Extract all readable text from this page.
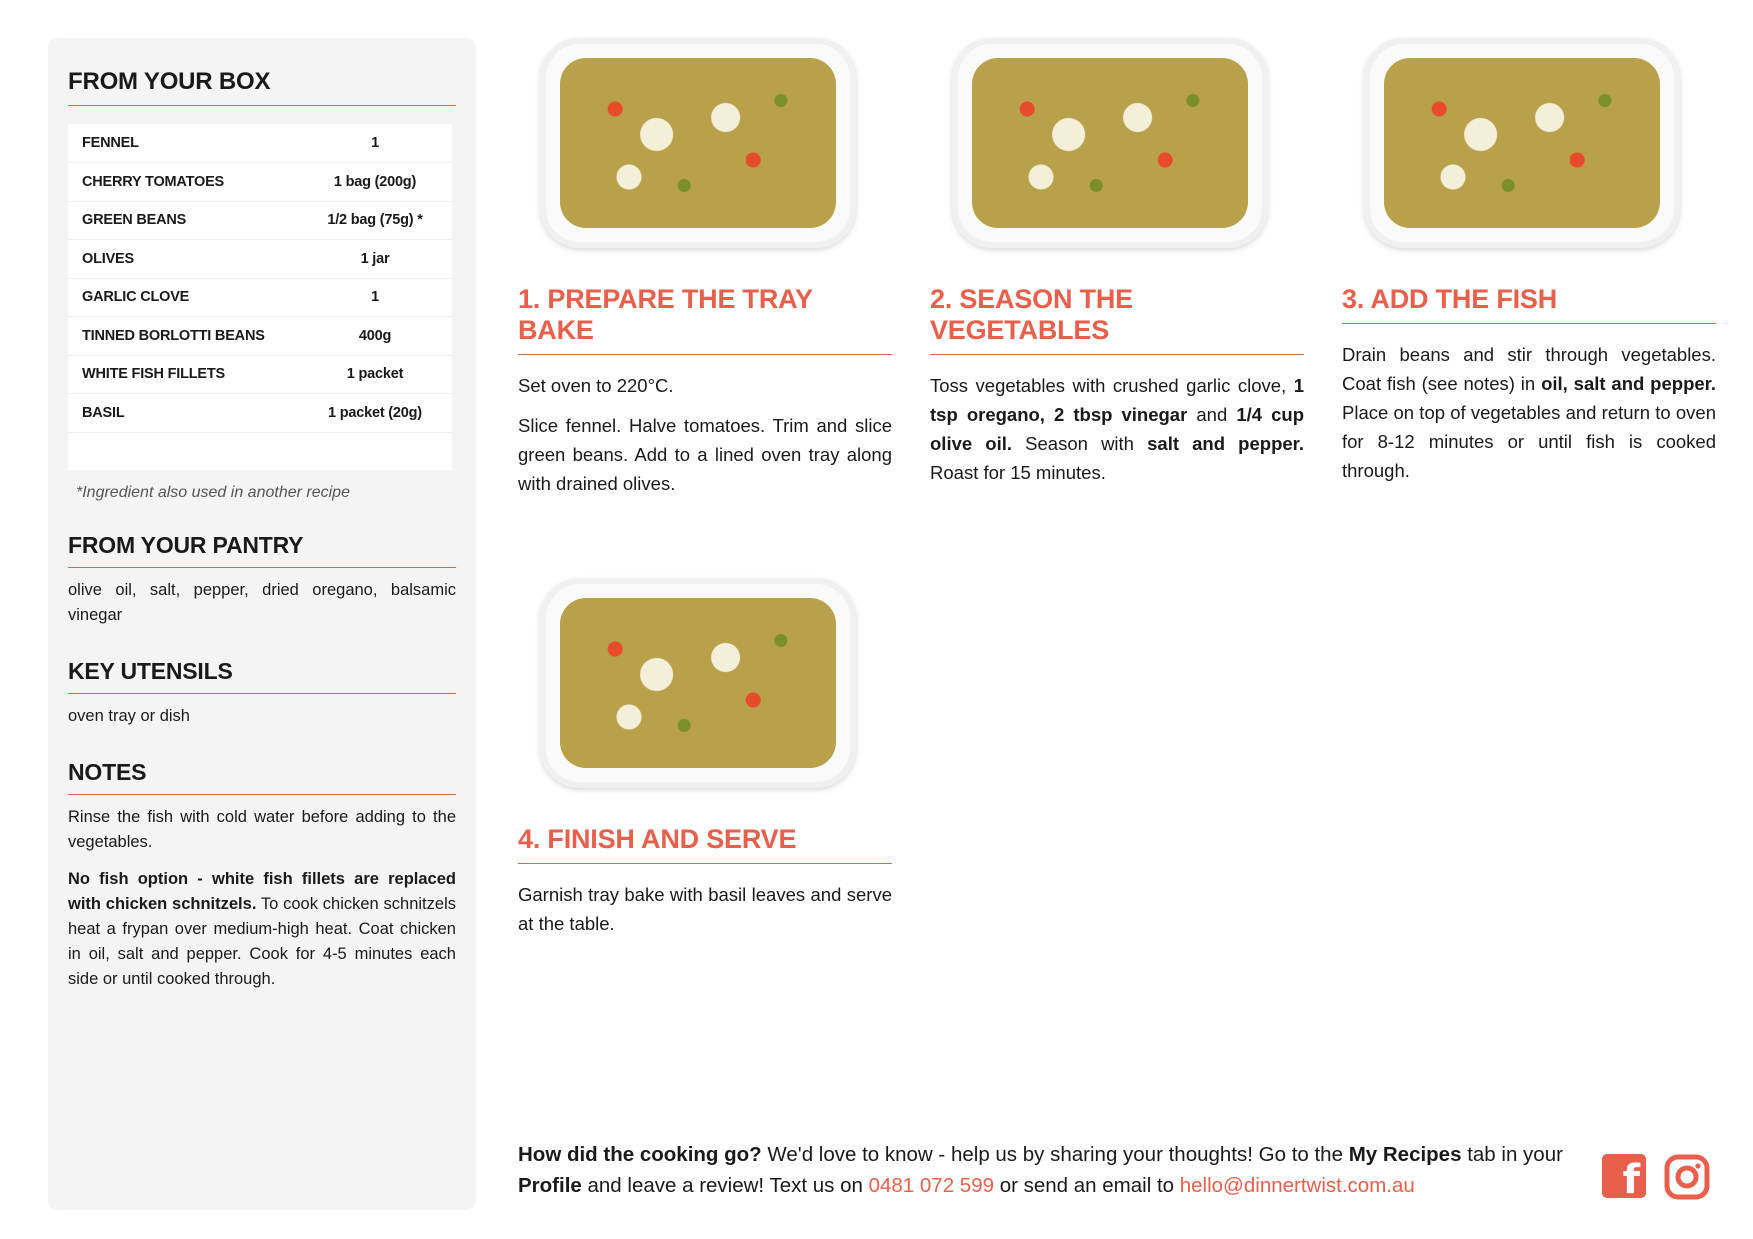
FROM YOUR BOX
FENNEL	1
CHERRY TOMATOES	1 bag (200g)
GREEN BEANS	1/2 bag (75g) *
OLIVES	1 jar
GARLIC CLOVE	1
TINNED BORLOTTI BEANS	400g
WHITE FISH FILLETS	1 packet
BASIL	1 packet (20g)

*Ingredient also used in another recipe
FROM YOUR PANTRY
olive oil, salt, pepper, dried oregano, balsamic vinegar
KEY UTENSILS
oven tray or dish
NOTES
Rinse the fish with cold water before adding to the vegetables.
No fish option - white fish fillets are replaced with chicken schnitzels. To cook chicken schnitzels heat a frypan over medium-high heat. Coat chicken in oil, salt and pepper. Cook for 4-5 minutes each side or until cooked through.
1. PREPARE THE TRAY BAKE

Set oven to 220°C.

Slice fennel. Halve tomatoes. Trim and slice green beans. Add to a lined oven tray along with drained olives.

2. SEASON THE VEGETABLES

Toss vegetables with crushed garlic clove, 1 tsp oregano, 2 tbsp vinegar and 1/4 cup olive oil. Season with salt and pepper. Roast for 15 minutes.

3. ADD THE FISH

Drain beans and stir through vegetables. Coat fish (see notes) in oil, salt and pepper. Place on top of vegetables and return to oven for 8-12 minutes or until fish is cooked through.

4. FINISH AND SERVE

Garnish tray bake with basil leaves and serve at the table.

How did the cooking go? We'd love to know - help us by sharing your thoughts! Go to the My Recipes tab in your Profile and leave a review! Text us on 0481 072 599 or send an email to hello@dinnertwist.com.au	f
